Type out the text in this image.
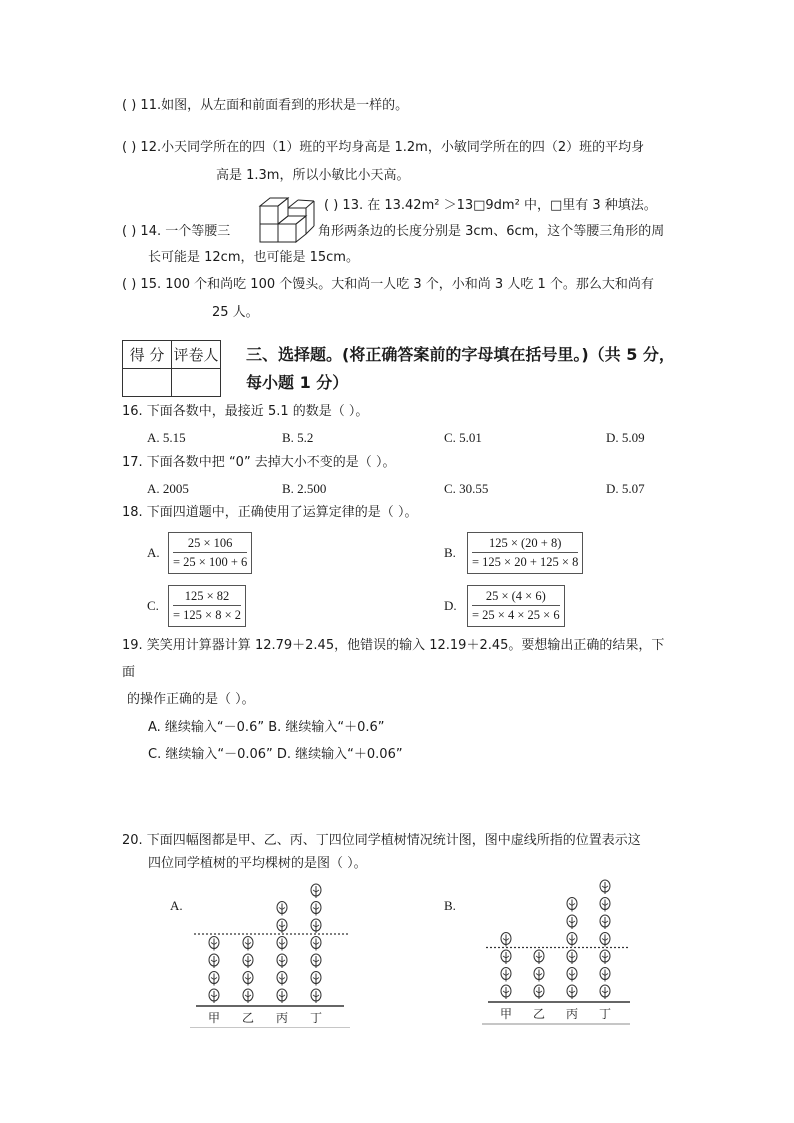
( ) 11.如图，从左面和前面看到的形状是一样的。
( ) 12.小天同学所在的四（1）班的平均身高是 1.2m，小敏同学所在的四（2）班的平均身
高是 1.3m，所以小敏比小天高。
( ) 13. 在 13.42m² ＞13□9dm² 中，□里有 3 种填法。
( ) 14. 一个等腰三	角形两条边的长度分别是 3cm、6cm，这个等腰三角形的周
长可能是 12cm，也可能是 15cm。
( ) 15. 100 个和尚吃 100 个馒头。大和尚一人吃 3 个，小和尚 3 人吃 1 个。那么大和尚有
25 人。
得 分	评卷人
	三、选择题。(将正确答案前的字母填在括号里。)（共 5 分，每小题 1 分）
16. 下面各数中，最接近 5.1 的数是（ ）。
A. 5.15	B. 5.2	C. 5.01	D. 5.09
17. 下面各数中把 “0” 去掉大小不变的是（ ）。
A. 2005	B. 2.500	C. 30.55	D. 5.07
18. 下面四道题中，正确使用了运算定律的是（ ）。
A.
25 × 106
= 25 × 100 + 6
B.
125 × (20 + 8)
= 125 × 20 + 125 × 8
C.
125 × 82
= 125 × 8 × 2
D.
25 × (4 × 6)
= 25 × 4 × 25 × 6
19. 笑笑用计算器计算 12.79＋2.45，他错误的输入 12.19＋2.45。要想输出正确的结果，下
面
的操作正确的是（ ）。
A. 继续输入“－0.6” B. 继续输入“＋0.6”
C. 继续输入“－0.06” D. 继续输入“＋0.06”
20. 下面四幅图都是甲、乙、丙、丁四位同学植树情况统计图，图中虚线所指的位置表示这
四位同学植树的平均棵树的是图（ ）。
A.
甲 乙 丙 丁
B.
甲 乙 丙 丁
